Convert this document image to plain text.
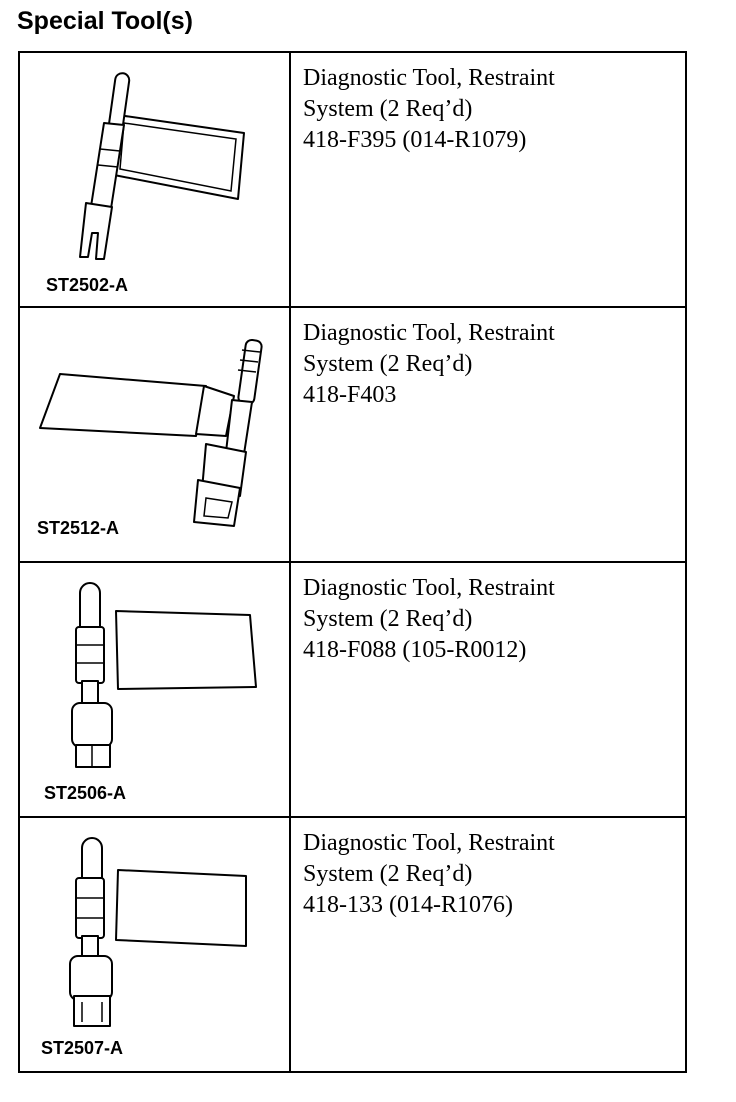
Special Tool(s)
ST2502-A	Diagnostic Tool, Restraint
System (2 Req’d)
418-F395 (014-R1079)

ST2512-A	Diagnostic Tool, Restraint
System (2 Req’d)
418-F403

ST2506-A	Diagnostic Tool, Restraint
System (2 Req’d)
418-F088 (105-R0012)

ST2507-A	Diagnostic Tool, Restraint
System (2 Req’d)
418-133 (014-R1076)
